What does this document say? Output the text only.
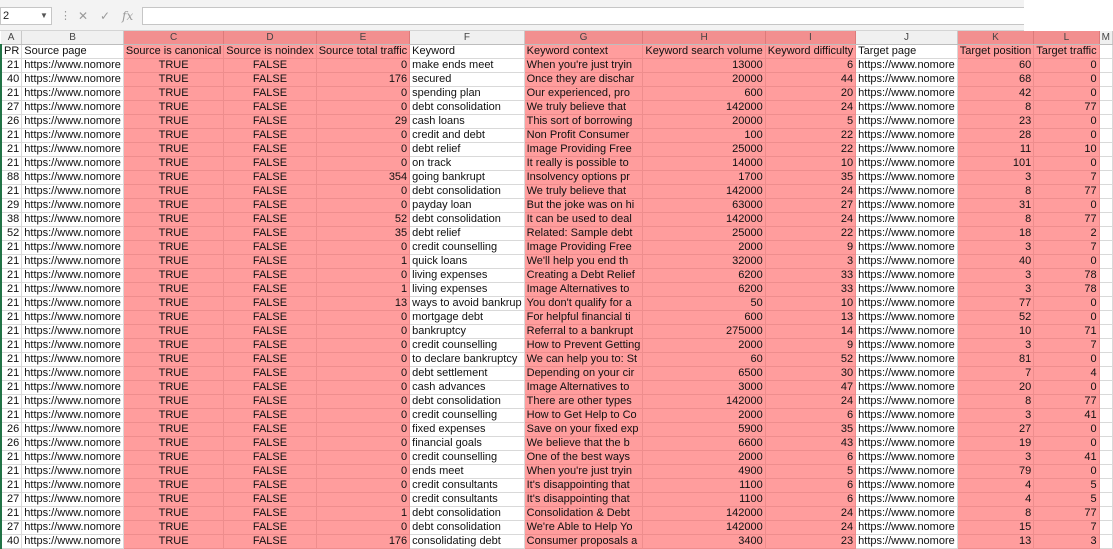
2	▼ ⋮ ✕ ✓ fx
A	B	C	D	E	F	G	H	I	J	K	L	M
PR	Source page	Source is canonical	Source is noindex	Source total traffic	Keyword	Keyword context	Keyword search volume	Keyword difficulty	Target page	Target position	Target traffic	
21	https://www.nomore	TRUE	FALSE	0	make ends meet	When you're just tryin	13000	6	https://www.nomore	60	0	
40	https://www.nomore	TRUE	FALSE	176	secured	Once they are dischar	20000	44	https://www.nomore	68	0	
21	https://www.nomore	TRUE	FALSE	0	spending plan	Our experienced, pro	600	20	https://www.nomore	42	0	
27	https://www.nomore	TRUE	FALSE	0	debt consolidation	We truly believe that	142000	24	https://www.nomore	8	77	
26	https://www.nomore	TRUE	FALSE	29	cash loans	This sort of borrowing	20000	5	https://www.nomore	23	0	
21	https://www.nomore	TRUE	FALSE	0	credit and debt	Non Profit Consumer	100	22	https://www.nomore	28	0	
21	https://www.nomore	TRUE	FALSE	0	debt relief	Image Providing Free	25000	22	https://www.nomore	11	10	
21	https://www.nomore	TRUE	FALSE	0	on track	It really is possible to	14000	10	https://www.nomore	101	0	
88	https://www.nomore	TRUE	FALSE	354	going bankrupt	Insolvency options pr	1700	35	https://www.nomore	3	7	
21	https://www.nomore	TRUE	FALSE	0	debt consolidation	We truly believe that	142000	24	https://www.nomore	8	77	
29	https://www.nomore	TRUE	FALSE	0	payday loan	But the joke was on hi	63000	27	https://www.nomore	31	0	
38	https://www.nomore	TRUE	FALSE	52	debt consolidation	It can be used to deal	142000	24	https://www.nomore	8	77	
52	https://www.nomore	TRUE	FALSE	35	debt relief	Related: Sample debt	25000	22	https://www.nomore	18	2	
21	https://www.nomore	TRUE	FALSE	0	credit counselling	Image Providing Free	2000	9	https://www.nomore	3	7	
21	https://www.nomore	TRUE	FALSE	1	quick loans	We'll help you end th	32000	3	https://www.nomore	40	0	
21	https://www.nomore	TRUE	FALSE	0	living expenses	Creating a Debt Relief	6200	33	https://www.nomore	3	78	
21	https://www.nomore	TRUE	FALSE	1	living expenses	Image Alternatives to	6200	33	https://www.nomore	3	78	
21	https://www.nomore	TRUE	FALSE	13	ways to avoid bankrup	You don't qualify for a	50	10	https://www.nomore	77	0	
21	https://www.nomore	TRUE	FALSE	0	mortgage debt	For helpful financial ti	600	13	https://www.nomore	52	0	
21	https://www.nomore	TRUE	FALSE	0	bankruptcy	Referral to a bankrupt	275000	14	https://www.nomore	10	71	
21	https://www.nomore	TRUE	FALSE	0	credit counselling	How to Prevent Getting	2000	9	https://www.nomore	3	7	
21	https://www.nomore	TRUE	FALSE	0	to declare bankruptcy	We can help you to: St	60	52	https://www.nomore	81	0	
21	https://www.nomore	TRUE	FALSE	0	debt settlement	Depending on your cir	6500	30	https://www.nomore	7	4	
21	https://www.nomore	TRUE	FALSE	0	cash advances	Image Alternatives to	3000	47	https://www.nomore	20	0	
21	https://www.nomore	TRUE	FALSE	0	debt consolidation	There are other types	142000	24	https://www.nomore	8	77	
21	https://www.nomore	TRUE	FALSE	0	credit counselling	How to Get Help to Co	2000	6	https://www.nomore	3	41	
26	https://www.nomore	TRUE	FALSE	0	fixed expenses	Save on your fixed exp	5900	35	https://www.nomore	27	0	
26	https://www.nomore	TRUE	FALSE	0	financial goals	We believe that the b	6600	43	https://www.nomore	19	0	
21	https://www.nomore	TRUE	FALSE	0	credit counselling	One of the best ways	2000	6	https://www.nomore	3	41	
21	https://www.nomore	TRUE	FALSE	0	ends meet	When you're just tryin	4900	5	https://www.nomore	79	0	
21	https://www.nomore	TRUE	FALSE	0	credit consultants	It's disappointing that	1100	6	https://www.nomore	4	5	
27	https://www.nomore	TRUE	FALSE	0	credit consultants	It's disappointing that	1100	6	https://www.nomore	4	5	
21	https://www.nomore	TRUE	FALSE	1	debt consolidation	Consolidation & Debt	142000	24	https://www.nomore	8	77	
27	https://www.nomore	TRUE	FALSE	0	debt consolidation	We're Able to Help Yo	142000	24	https://www.nomore	15	7	
40	https://www.nomore	TRUE	FALSE	176	consolidating debt	Consumer proposals a	3400	23	https://www.nomore	13	3	
